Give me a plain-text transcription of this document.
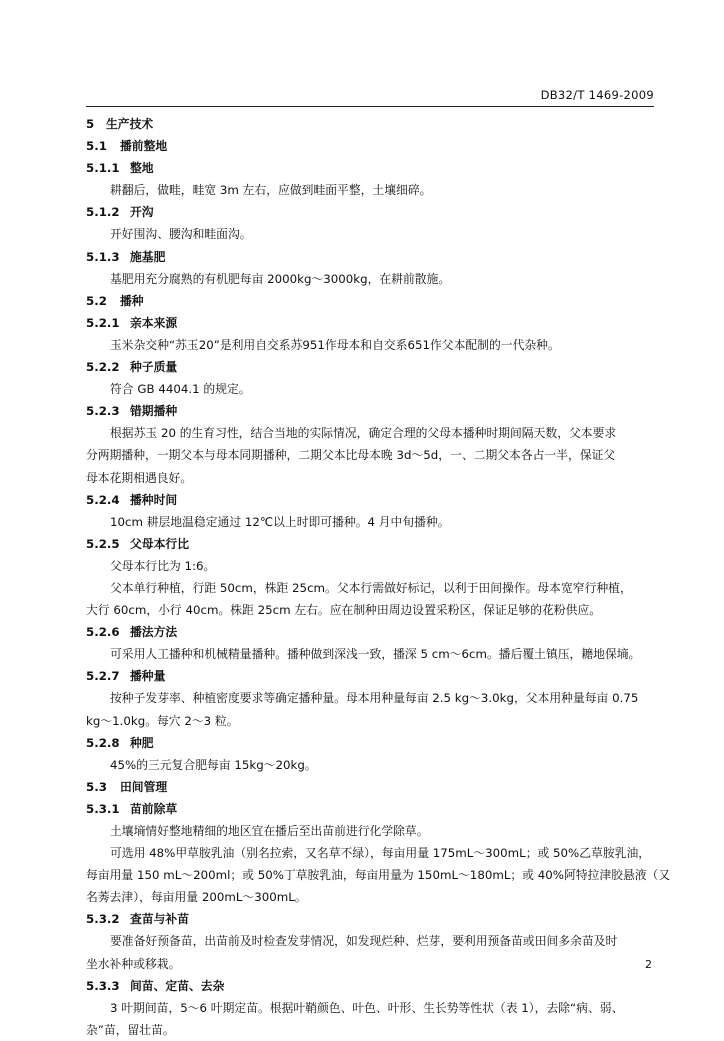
DB32/T 1469-2009
5 生产技术
5.1 播前整地
5.1.1 整地
耕翻后，做畦，畦宽 3m 左右，应做到畦面平整，土壤细碎。
5.1.2 开沟
开好围沟、腰沟和畦面沟。
5.1.3 施基肥
基肥用充分腐熟的有机肥每亩 2000kg～3000kg，在耕前散施。
5.2 播种
5.2.1 亲本来源
玉米杂交种“苏玉20”是利用自交系苏951作母本和自交系651作父本配制的一代杂种。
5.2.2 种子质量
符合 GB 4404.1 的规定。
5.2.3 错期播种
根据苏玉 20 的生育习性，结合当地的实际情况，确定合理的父母本播种时期间隔天数，父本要求
分两期播种，一期父本与母本同期播种，二期父本比母本晚 3d～5d，一、二期父本各占一半，保证父
母本花期相遇良好。
5.2.4 播种时间
10cm 耕层地温稳定通过 12℃以上时即可播种。4 月中旬播种。
5.2.5 父母本行比
父母本行比为 1:6。
父本单行种植，行距 50cm，株距 25cm。父本行需做好标记，以利于田间操作。母本宽窄行种植，
大行 60cm，小行 40cm。株距 25cm 左右。应在制种田周边设置采粉区，保证足够的花粉供应。
5.2.6 播法方法
可采用人工播种和机械精量播种。播种做到深浅一致，播深 5 cm～6cm。播后覆土镇压，耱地保墒。
5.2.7 播种量
按种子发芽率、种植密度要求等确定播种量。母本用种量每亩 2.5 kg～3.0kg，父本用种量每亩 0.75
kg～1.0kg。每穴 2～3 粒。
5.2.8 种肥
45%的三元复合肥每亩 15kg～20kg。
5.3 田间管理
5.3.1 苗前除草
土壤墒情好整地精细的地区宜在播后至出苗前进行化学除草。
可选用 48%甲草胺乳油（别名拉索，又名草不绿），每亩用量 175mL～300mL；或 50%乙草胺乳油，
每亩用量 150 mL～200ml；或 50%丁草胺乳油，每亩用量为 150mL～180mL；或 40%阿特拉津胶悬液（又
名莠去津），每亩用量 200mL～300mL。
5.3.2 查苗与补苗
要准备好预备苗，出苗前及时检查发芽情况，如发现烂种、烂芽，要利用预备苗或田间多余苗及时
坐水补种或移栽。
5.3.3 间苗、定苗、去杂
3 叶期间苗，5～6 叶期定苗。根据叶鞘颜色、叶色、叶形、生长势等性状（表 1），去除“病、弱、
杂”苗，留壮苗。
2
